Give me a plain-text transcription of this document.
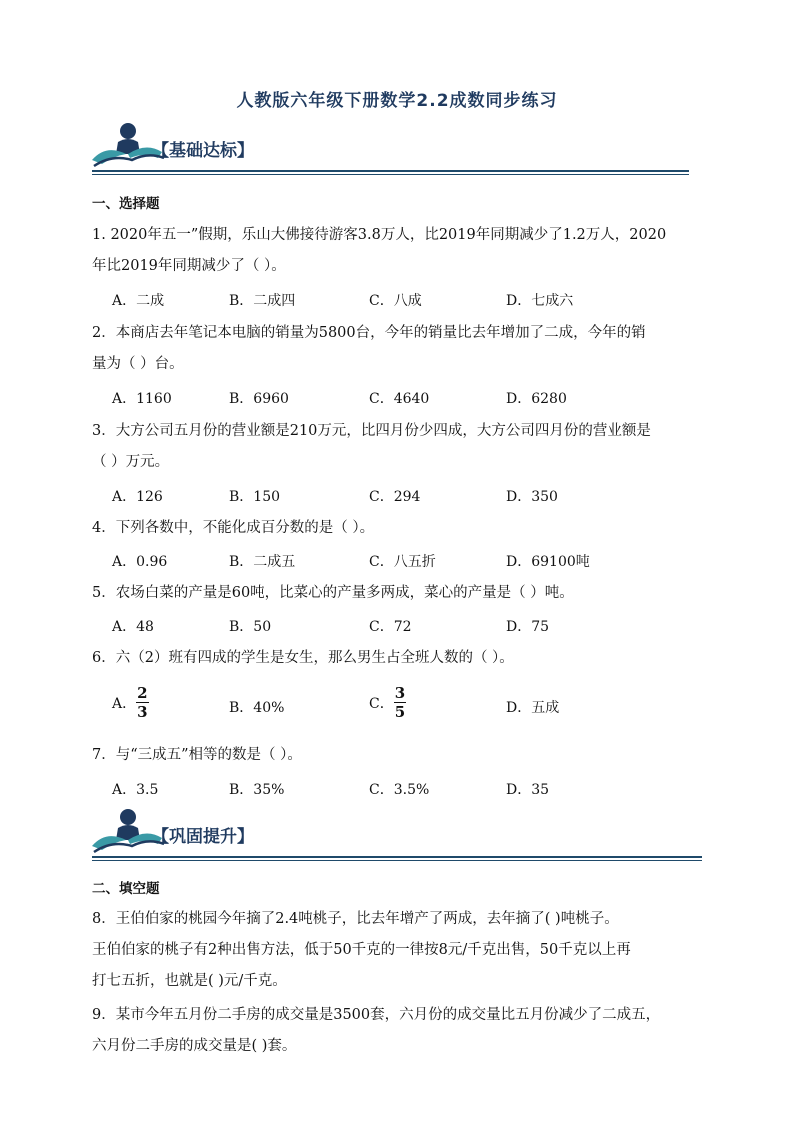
人教版六年级下册数学2.2成数同步练习
【基础达标】
一、选择题
1. 2020年五一”假期，乐山大佛接待游客3.8万人，比2019年同期减少了1.2万人，2020
年比2019年同期减少了（ ）。
A．二成	B．二成四	C．八成	D．七成六
2．本商店去年笔记本电脑的销量为5800台，今年的销量比去年增加了二成，今年的销
量为（ ）台。
A．1160	B．6960	C．4640	D．6280
3．大方公司五月份的营业额是210万元，比四月份少四成，大方公司四月份的营业额是
（ ）万元。
A．126	B．150	C．294	D．350
4．下列各数中，不能化成百分数的是（ ）。
A．0.96	B．二成五	C．八五折	D．69100吨
5．农场白菜的产量是60吨，比菜心的产量多两成，菜心的产量是（ ）吨。
A．48	B．50	C．72	D．75
6．六（2）班有四成的学生是女生，那么男生占全班人数的（ ）。
A． $\frac{2}{3}$	B．40%	C． $\frac{3}{5}$	D．五成
7．与“三成五”相等的数是（ ）。
A．3.5	B．35%	C．3.5%	D．35
【巩固提升】
二、填空题
8．王伯伯家的桃园今年摘了2.4吨桃子，比去年增产了两成，去年摘了( )吨桃子。
王伯伯家的桃子有2种出售方法，低于50千克的一律按8元/千克出售，50千克以上再
打七五折，也就是( )元/千克。
9．某市今年五月份二手房的成交量是3500套，六月份的成交量比五月份减少了二成五，
六月份二手房的成交量是( )套。
